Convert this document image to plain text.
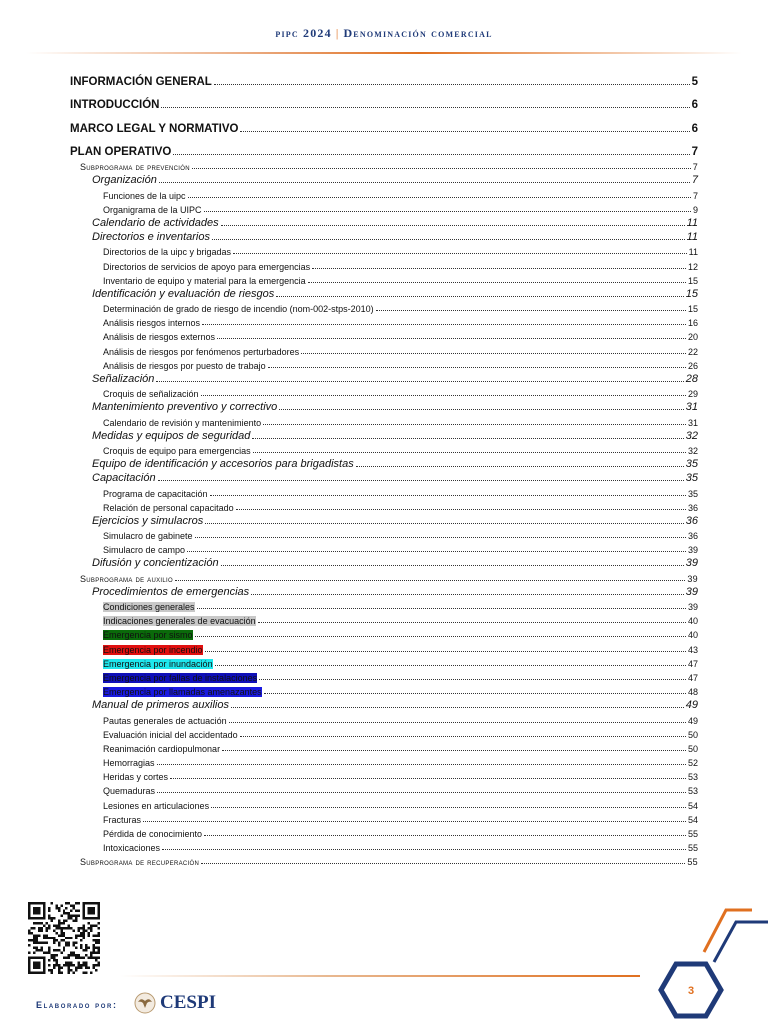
pipc 2024 | Denominación comercial
INFORMACIÓN GENERAL	5
INTRODUCCIÓN	6
MARCO LEGAL Y NORMATIVO	6
PLAN OPERATIVO	7
Subprograma de prevención	7
Organización	7
Funciones de la uipc	7
Organigrama de la UIPC	9
Calendario de actividades	11
Directorios e inventarios	11
Directorios de la uipc y brigadas	11
Directorios de servicios de apoyo para emergencias	12
Inventario de equipo y material para la emergencia	15
Identificación y evaluación de riesgos	15
Determinación de grado de riesgo de incendio (nom-002-stps-2010)	15
Análisis riesgos internos	16
Análisis de riesgos externos	20
Análisis de riesgos por fenómenos perturbadores	22
Análisis de riesgos por puesto de trabajo	26
Señalización	28
Croquis de señalización	29
Mantenimiento preventivo y correctivo	31
Calendario de revisión y mantenimiento	31
Medidas y equipos de seguridad	32
Croquis de equipo para emergencias	32
Equipo de identificación y accesorios para brigadistas	35
Capacitación	35
Programa de capacitación	35
Relación de personal capacitado	36
Ejercicios y simulacros	36
Simulacro de gabinete	36
Simulacro de campo	39
Difusión y concientización	39
Subprograma de auxilio	39
Procedimientos de emergencias	39
Condiciones generales	39
Indicaciones generales de evacuación	40
Emergencia por sismo	40
Emergencia por incendio	43
Emergencia por inundación	47
Emergencia por fallas de instalaciones	47
Emergencia por llamadas amenazantes	48
Manual de primeros auxilios	49
Pautas generales de actuación	49
Evaluación inicial del accidentado	50
Reanimación cardiopulmonar	50
Hemorragias	52
Heridas y cortes	53
Quemaduras	53
Lesiones en articulaciones	54
Fracturas	54
Pérdida de conocimiento	55
Intoxicaciones	55
Subprograma de recuperación	55
Elaborado por: CESPI
3
